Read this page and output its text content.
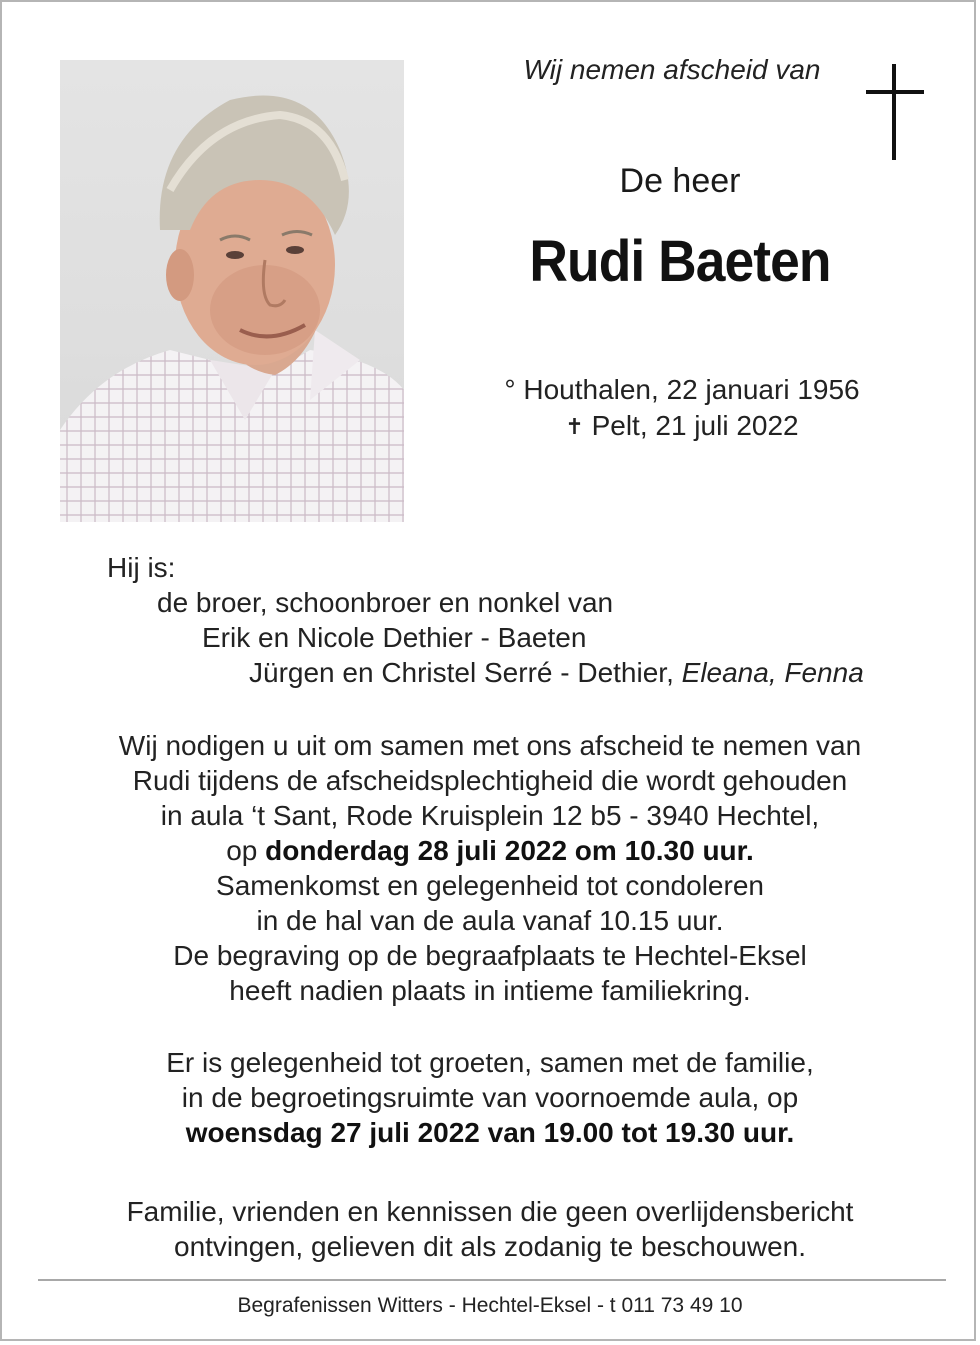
Wij nemen afscheid van
De heer
Rudi Baeten
° Houthalen, 22 januari 1956
✝ Pelt, 21 juli 2022
Hij is:
de broer, schoonbroer en nonkel van
Erik en Nicole Dethier - Baeten
Jürgen en Christel Serré - Dethier, Eleana, Fenna
Wij nodigen u uit om samen met ons afscheid te nemen van
Rudi tijdens de afscheidsplechtigheid die wordt gehouden
in aula ‘t Sant, Rode Kruisplein 12 b5 - 3940 Hechtel,
op donderdag 28 juli 2022 om 10.30 uur.
Samenkomst en gelegenheid tot condoleren
in de hal van de aula vanaf 10.15 uur.
De begraving op de begraafplaats te Hechtel-Eksel
heeft nadien plaats in intieme familiekring.
Er is gelegenheid tot groeten, samen met de familie,
in de begroetingsruimte van voornoemde aula, op
woensdag 27 juli 2022 van 19.00 tot 19.30 uur.
Familie, vrienden en kennissen die geen overlijdensbericht
ontvingen, gelieven dit als zodanig te beschouwen.
Begrafenissen Witters - Hechtel-Eksel - t 011 73 49 10
